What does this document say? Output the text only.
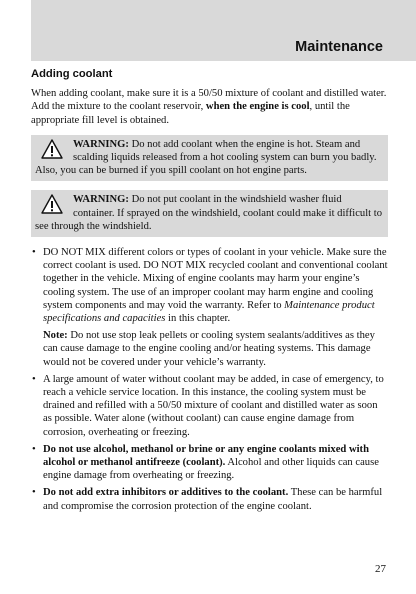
Maintenance
Adding coolant

When adding coolant, make sure it is a 50/50 mixture of coolant and distilled water. Add the mixture to the coolant reservoir, when the engine is cool, until the appropriate fill level is obtained.

WARNING: Do not add coolant when the engine is hot. Steam and scalding liquids released from a hot cooling system can burn you badly. Also, you can be burned if you spill coolant on hot engine parts.
WARNING: Do not put coolant in the windshield washer fluid container. If sprayed on the windshield, coolant could make it difficult to see through the windshield.
• DO NOT MIX different colors or types of coolant in your vehicle. Make sure the correct coolant is used. DO NOT MIX recycled coolant and conventional coolant together in the vehicle. Mixing of engine coolants may harm your engine’s cooling system. The use of an improper coolant may harm engine and cooling system components and may void the warranty. Refer to Maintenance product specifications and capacities in this chapter.

Note: Do not use stop leak pellets or cooling system sealants/additives as they can cause damage to the engine cooling and/or heating systems. This damage would not be covered under your vehicle’s warranty.

• A large amount of water without coolant may be added, in case of emergency, to reach a vehicle service location. In this instance, the cooling system must be drained and refilled with a 50/50 mixture of coolant and distilled water as soon as possible. Water alone (without coolant) can cause engine damage from corrosion, overheating or freezing.
• Do not use alcohol, methanol or brine or any engine coolants mixed with alcohol or methanol antifreeze (coolant). Alcohol and other liquids can cause engine damage from overheating or freezing.
• Do not add extra inhibitors or additives to the coolant. These can be harmful and compromise the corrosion protection of the engine coolant.
27
